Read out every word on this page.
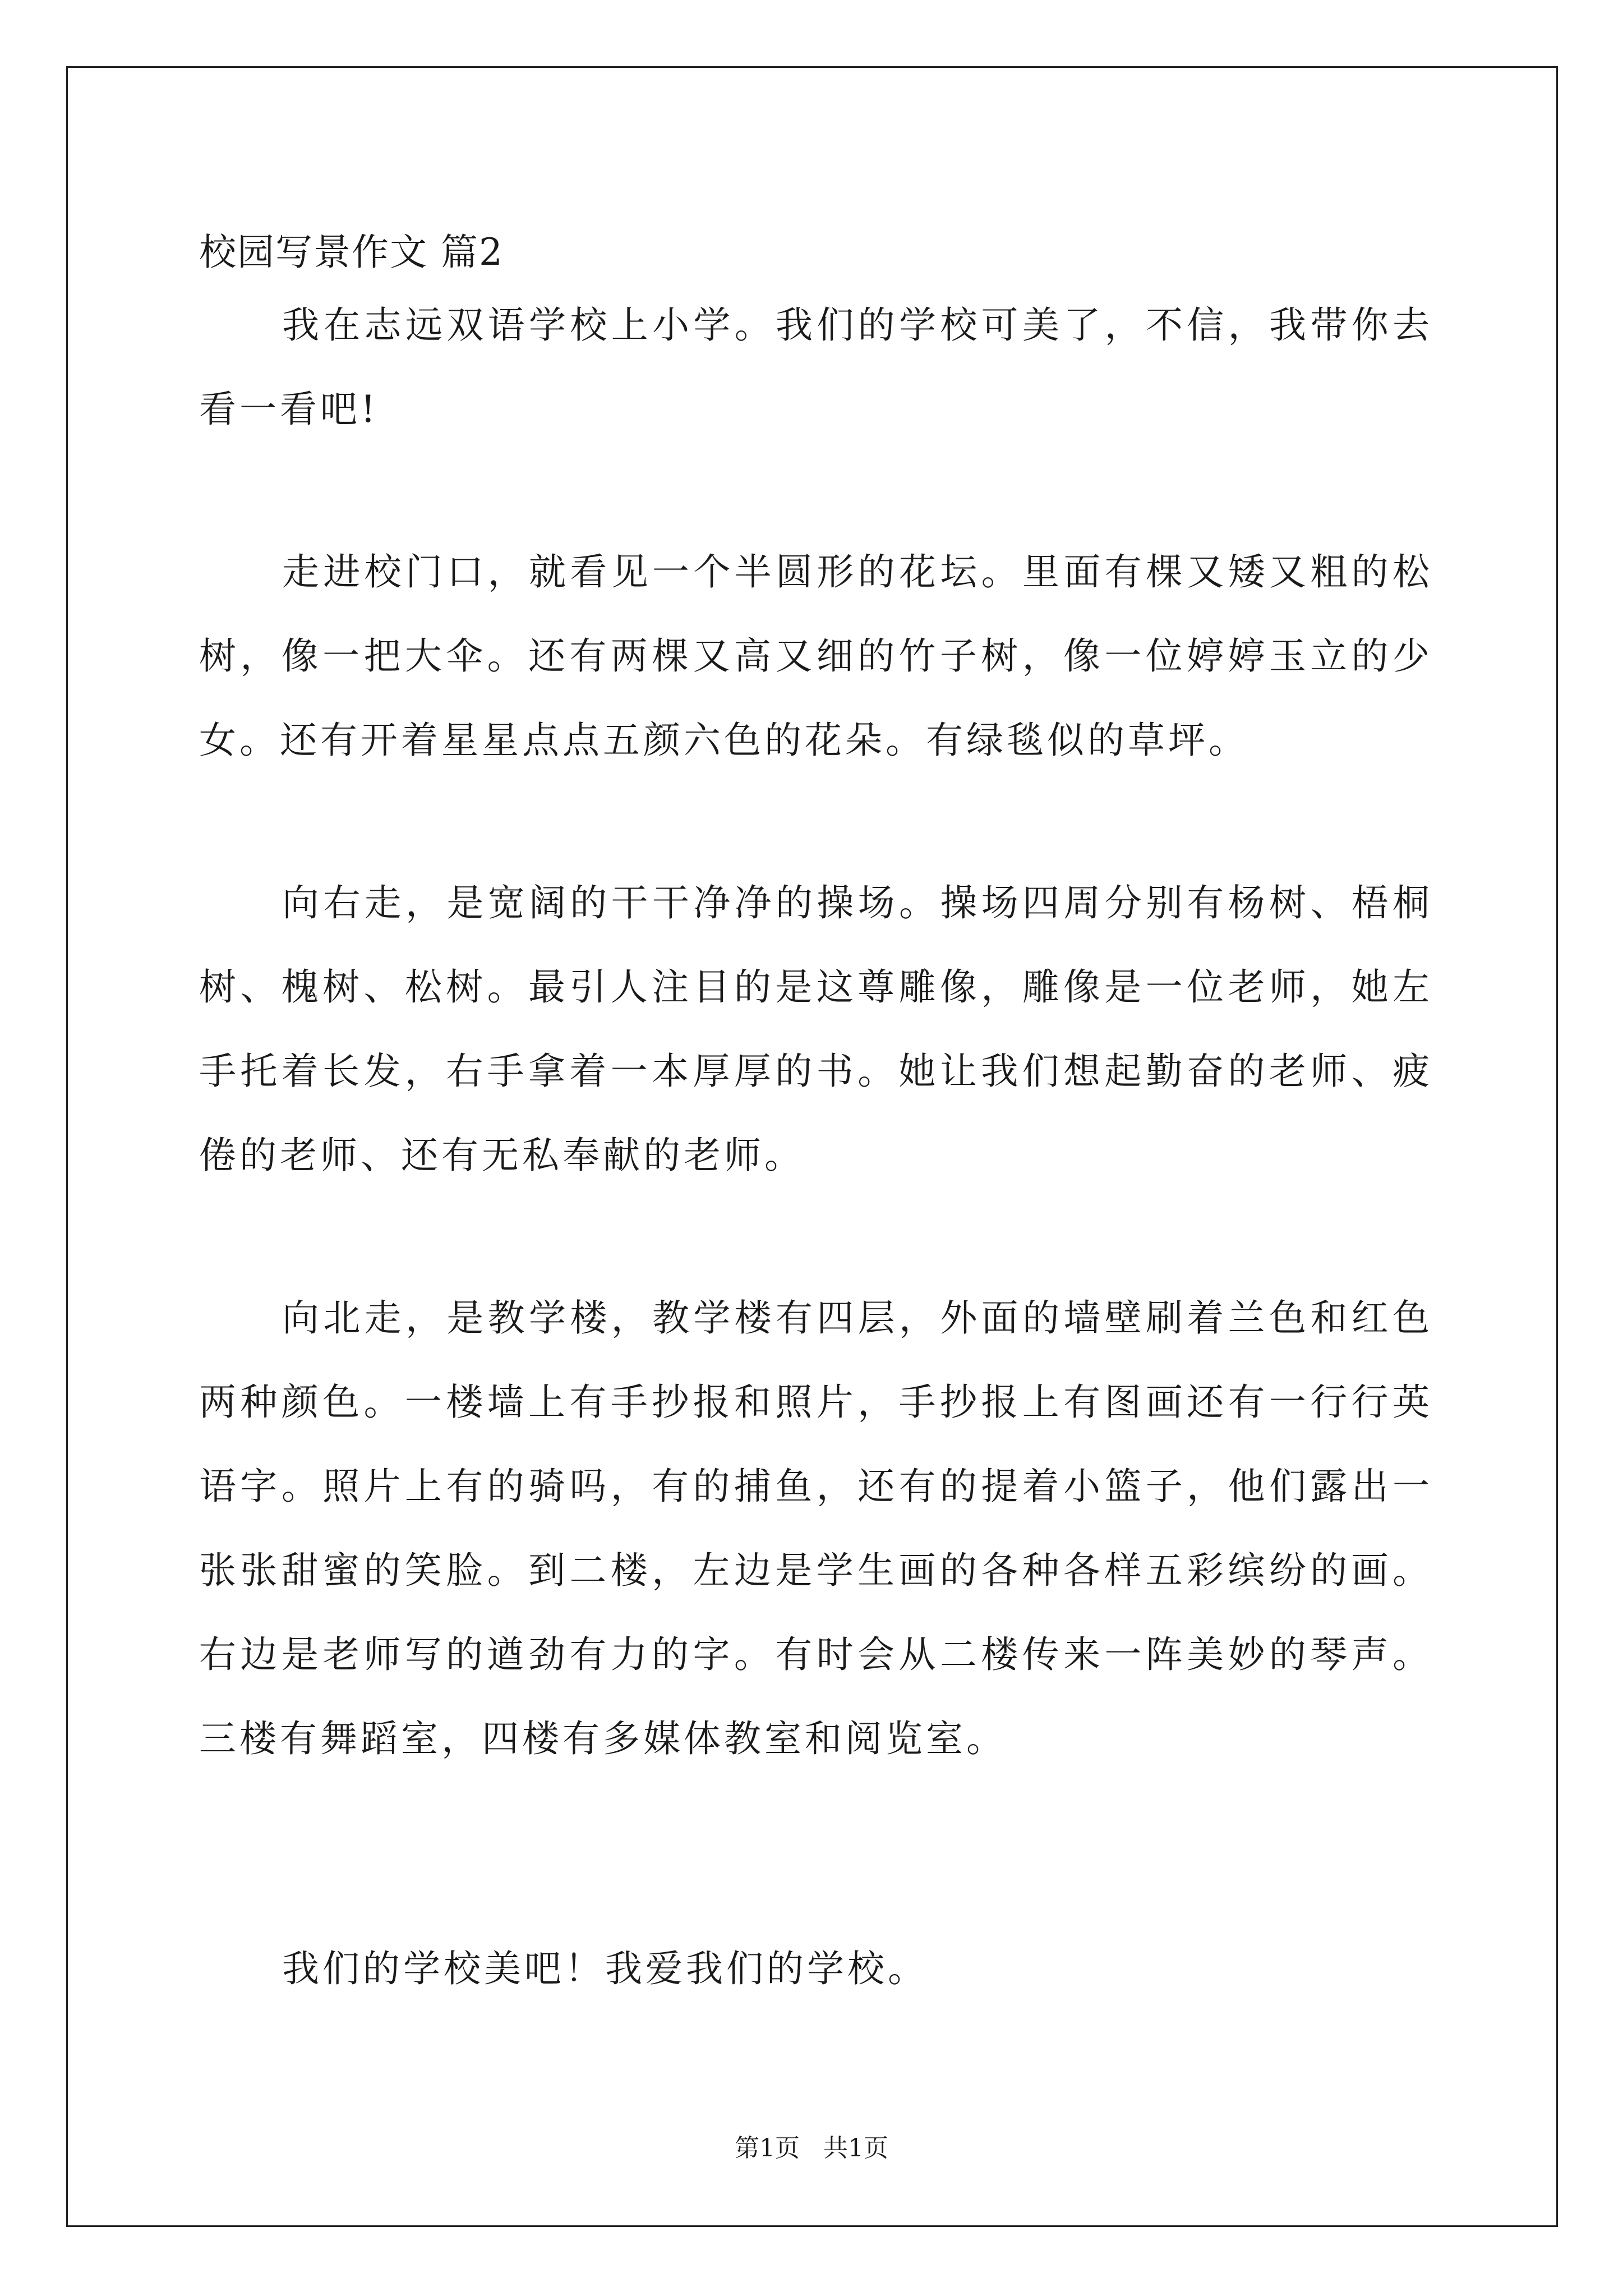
校园写景作文 篇2

我在志远双语学校上小学。我们的学校可美了，不信，我带你去看一看吧!

走进校门口，就看见一个半圆形的花坛。里面有棵又矮又粗的松树，像一把大伞。还有两棵又高又细的竹子树，像一位婷婷玉立的少女。还有开着星星点点五颜六色的花朵。有绿毯似的草坪。

向右走，是宽阔的干干净净的操场。操场四周分别有杨树、梧桐树、槐树、松树。最引人注目的是这尊雕像，雕像是一位老师，她左手托着长发，右手拿着一本厚厚的书。她让我们想起勤奋的老师、疲倦的老师、还有无私奉献的老师。

向北走，是教学楼，教学楼有四层，外面的墙壁刷着兰色和红色两种颜色。一楼墙上有手抄报和照片，手抄报上有图画还有一行行英语字。照片上有的骑吗，有的捕鱼，还有的提着小篮子，他们露出一张张甜蜜的笑脸。到二楼，左边是学生画的各种各样五彩缤纷的画。右边是老师写的遒劲有力的字。有时会从二楼传来一阵美妙的琴声。三楼有舞蹈室，四楼有多媒体教室和阅览室。

我们的学校美吧！我爱我们的学校。

第1页 共1页
